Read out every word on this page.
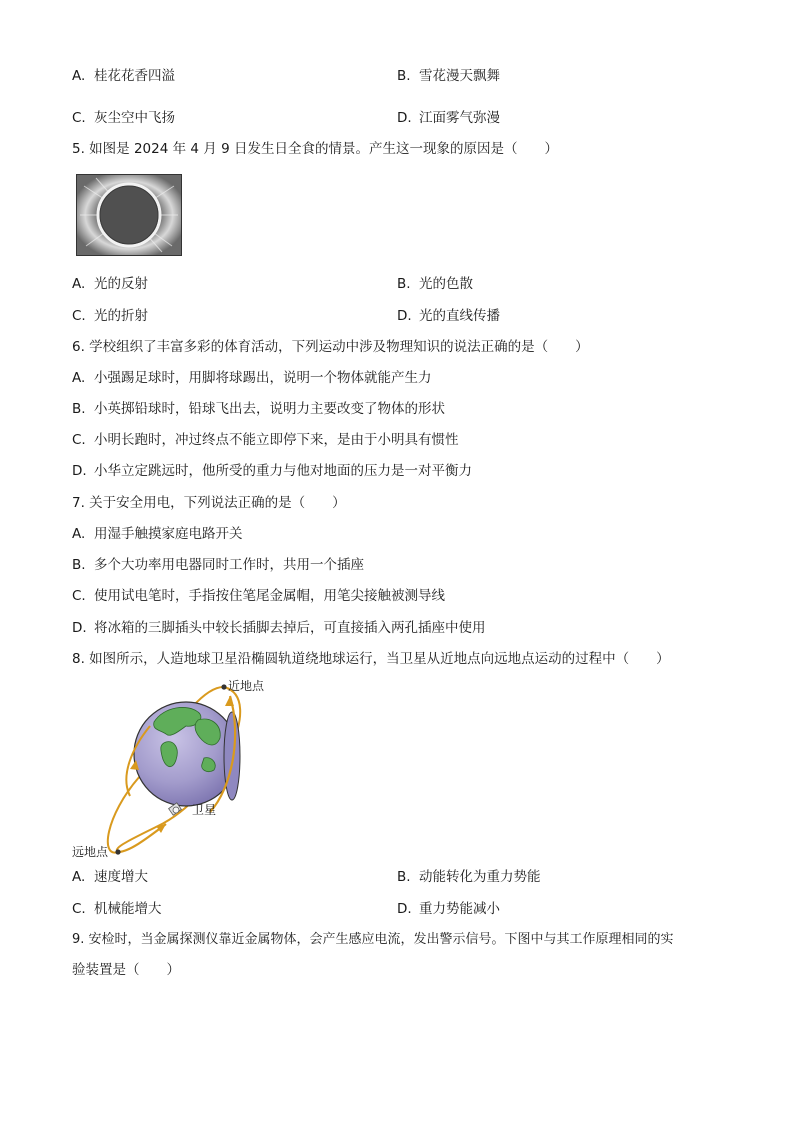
A. 桂花花香四溢	B. 雪花漫天飘舞
C. 灰尘空中飞扬	D. 江面雾气弥漫
5. 如图是 2024 年 4 月 9 日发生日全食的情景。产生这一现象的原因是（　　）
A. 光的反射	B. 光的色散
C. 光的折射	D. 光的直线传播
6. 学校组织了丰富多彩的体育活动，下列运动中涉及物理知识的说法正确的是（　　）
A. 小强踢足球时，用脚将球踢出，说明一个物体就能产生力
B. 小英掷铅球时，铅球飞出去，说明力主要改变了物体的形状
C. 小明长跑时，冲过终点不能立即停下来，是由于小明具有惯性
D. 小华立定跳远时，他所受的重力与他对地面的压力是一对平衡力
7. 关于安全用电，下列说法正确的是（　　）
A. 用湿手触摸家庭电路开关
B. 多个大功率用电器同时工作时，共用一个插座
C. 使用试电笔时，手指按住笔尾金属帽，用笔尖接触被测导线
D. 将冰箱的三脚插头中较长插脚去掉后，可直接插入两孔插座中使用
8. 如图所示，人造地球卫星沿椭圆轨道绕地球运行，当卫星从近地点向远地点运动的过程中（　　）
近地点
卫星
远地点
A. 速度增大	B. 动能转化为重力势能
C. 机械能增大	D. 重力势能减小
9. 安检时，当金属探测仪靠近金属物体，会产生感应电流，发出警示信号。下图中与其工作原理相同的实
验装置是（　　）
